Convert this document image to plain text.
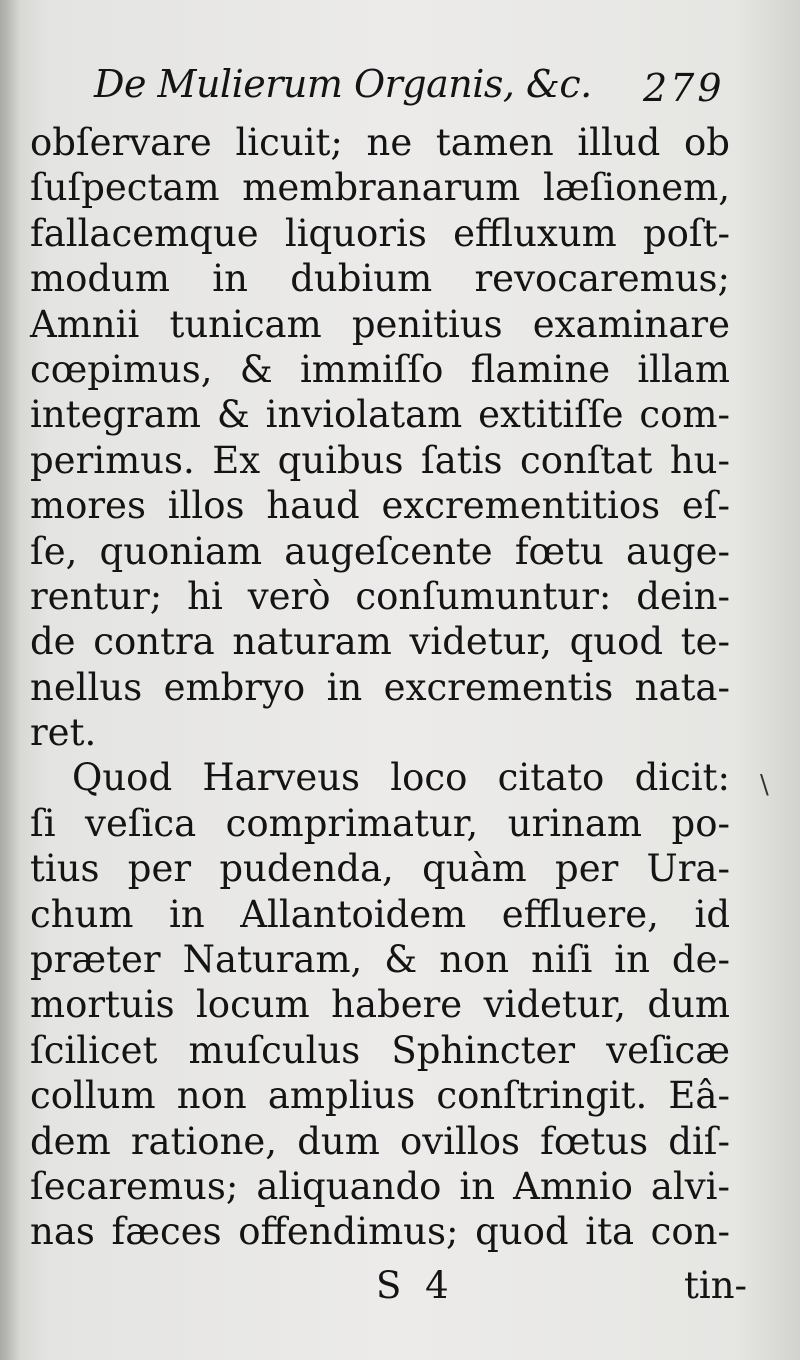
De Mulierum Organis, &c. 279
obſervare licuit; ne tamen illud ob
ſuſpectam membranarum læſionem,
fallacemque liquoris effluxum poſt-
modum in dubium revocaremus;
Amnii tunicam penitius examinare
cœpimus, & immiſſo flamine illam
integram & inviolatam extitiſſe com-
perimus. Ex quibus ſatis conſtat hu-
mores illos haud excrementitios eſ-
ſe, quoniam augeſcente fœtu auge-
rentur; hi verò conſumuntur: dein-
de contra naturam videtur, quod te-
nellus embryo in excrementis nata-
ret.
Quod Harveus loco citato dicit:
ſi veſica comprimatur, urinam po-
tius per pudenda, quàm per Ura-
chum in Allantoidem effluere, id
præter Naturam, & non niſi in de-
mortuis locum habere videtur, dum
ſcilicet muſculus Sphincter veſicæ
collum non amplius conſtringit. Eâ-
dem ratione, dum ovillos fœtus diſ-
ſecaremus; aliquando in Amnio alvi-
nas fæces offendimus; quod ita con-
S 4	tin-
\
